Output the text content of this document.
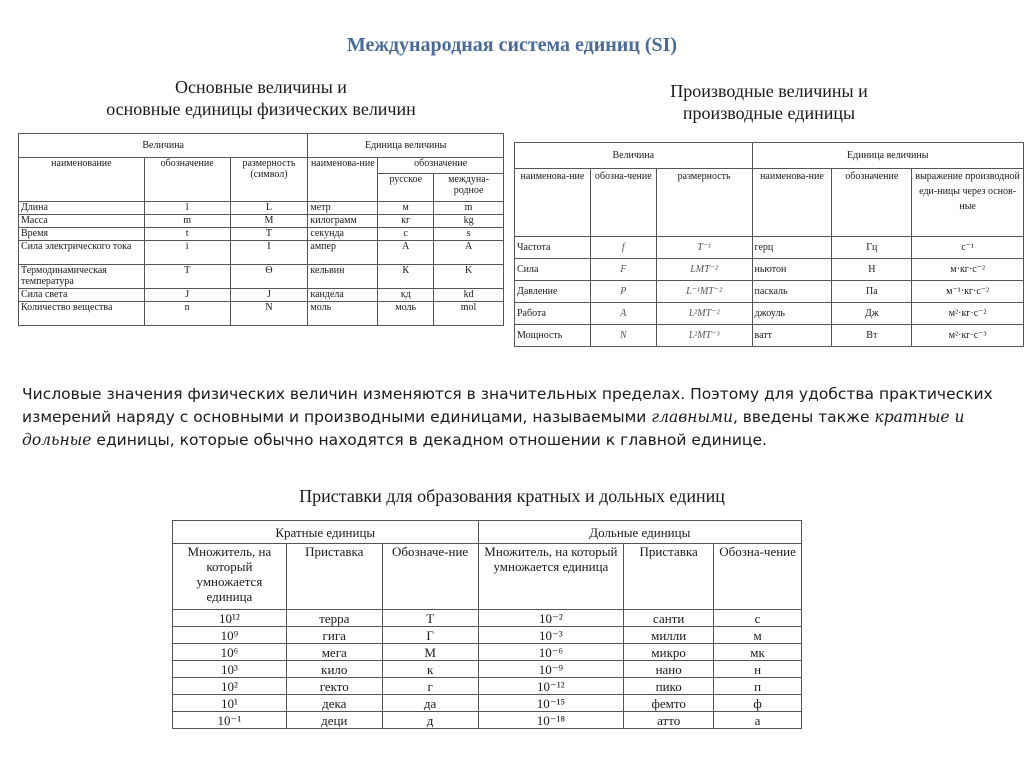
Международная система единиц (SI)
Основные величины и
основные единицы физических величин
Производные величины и
производные единицы
Величина			Единица величины		
наименование	обозначение	размерность (символ)	наименова-ние	обозначение	
				русское	междуна-родное
Длина	l	L	метр	м	m
Масса	m	M	килограмм	кг	kg
Время	t	T	секунда	с	s
Сила электрического тока	i	I	ампер	А	A
Термодинамическая температура	T	Θ	кельвин	К	K
Сила света	J	J	кандела	кд	kd
Количество вещества	n	N	моль	моль	mol
Величина			Единица величины		
наименова-ние	обозна-чение	размерность	наименова-ние	обозначение	выражение производной еди-ницы через основ-ные
Частота	f	T⁻¹	герц	Гц	с⁻¹
Сила	F	LMT⁻²	ньютон	Н	м·кг·с⁻²
Давление	P	L⁻¹MT⁻²	паскаль	Па	м⁻¹·кг·с⁻²
Работа	A	L²MT⁻²	джоуль	Дж	м²·кг·с⁻²
Мощность	N	L²MT⁻³	ватт	Вт	м²·кг·с⁻³
Числовые значения физических величин изменяются в значительных пределах. Поэтому для удобства практических измерений наряду с основными и производными единицами, называемыми главными, введены также кратные и дольные единицы, которые обычно находятся в декадном отношении к главной единице.
Приставки для образования кратных и дольных единиц
Кратные единицы			Дольные единицы		
Множитель, на который умножается единица	Приставка	Обозначе-ние	Множитель, на который умножается единица	Приставка	Обозна-чение
10¹²	терра	Т	10⁻²	санти	с
10⁹	гига	Г	10⁻³	милли	м
10⁶	мега	М	10⁻⁶	микро	мк
10³	кило	к	10⁻⁹	нано	н
10²	гекто	г	10⁻¹²	пико	п
10¹	дека	да	10⁻¹⁵	фемто	ф
10⁻¹	деци	д	10⁻¹⁸	атто	а
